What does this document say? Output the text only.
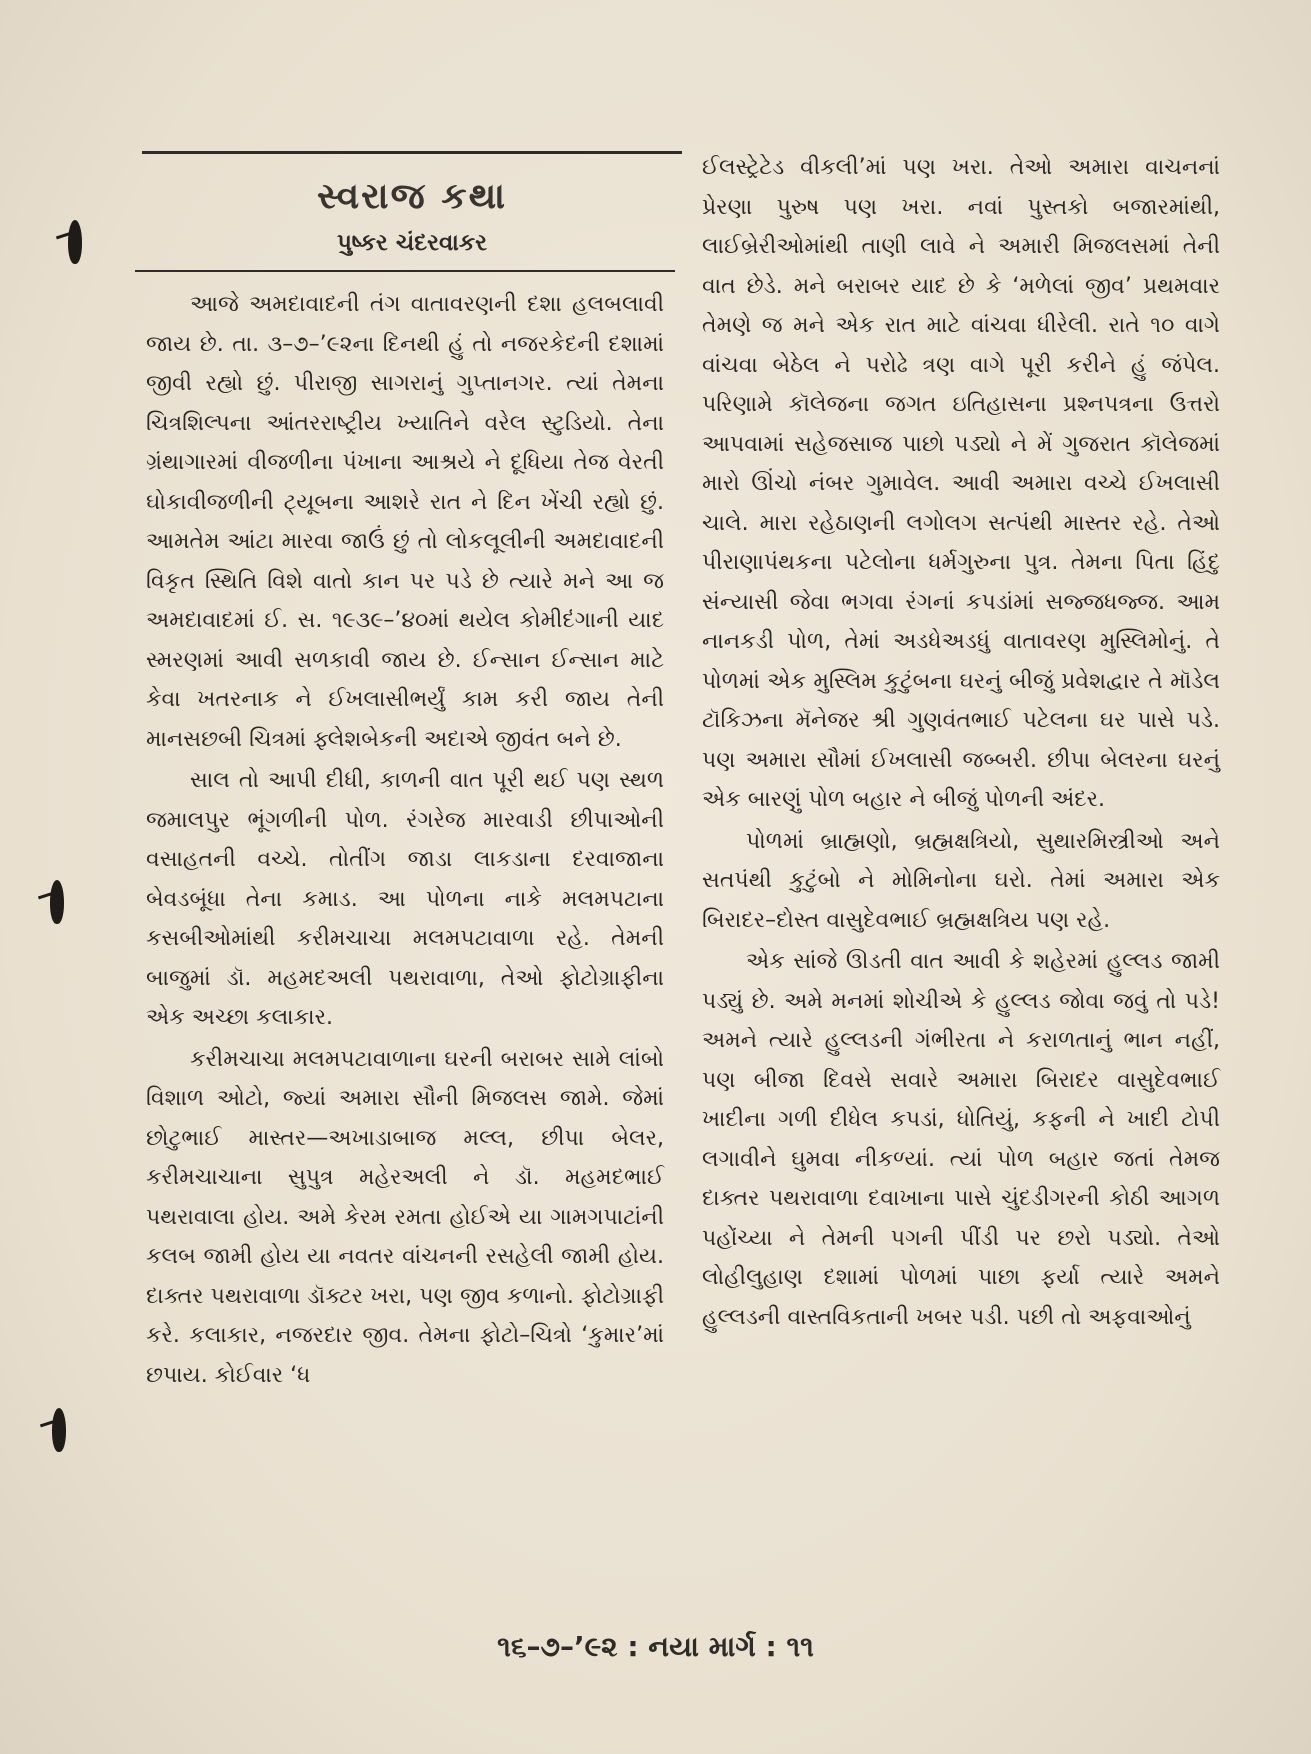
સ્વરાજ કથા
પુષ્કર ચંદરવાકર

આજે અમદાવાદની તંગ વાતાવરણની દશા હલબલાવી જાય છે. તા. ૩–૭–’૯૨ના દિનથી હું તો નજરકેદની દશામાં જીવી રહ્યો છું. પીરાજી સાગરાનું ગુપ્તાનગર. ત્યાં તેમના ચિત્રશિલ્પના આંતરરાષ્ટ્રીય ખ્યાતિને વરેલ સ્ટુડિયો. તેના ગ્રંથાગારમાં વીજળીના પંખાના આશ્રયે ને દૂધિયા તેજ વેરતી ઘોકાવીજળીની ટ્યૂબના આશરે રાત ને દિન ખેંચી રહ્યો છું. આમતેમ આંટા મારવા જાઉં છું તો લોકલૂલીની અમદાવાદની વિકૃત સ્થિતિ વિશે વાતો કાન પર પડે છે ત્યારે મને આ જ અમદાવાદમાં ઈ. સ. ૧૯૩૯–’૪૦માં થયેલ કોમીદંગાની યાદ સ્મરણમાં આવી સળકાવી જાય છે. ઈન્સાન ઈન્સાન માટે કેવા ખતરનાક ને ઈખલાસીભર્યું કામ કરી જાય તેની માનસછબી ચિત્રમાં ફ્લેશબેકની અદાએ જીવંત બને છે.

સાલ તો આપી દીધી, કાળની વાત પૂરી થઈ પણ સ્થળ જમાલપુર ભૂંગળીની પોળ. રંગરેજ મારવાડી છીપાઓની વસાહતની વચ્ચે. તોતીંગ જાડા લાકડાના દરવાજાના બેવડબૂંધા તેના કમાડ. આ પોળના નાકે મલમપટાના કસબીઓમાંથી કરીમચાચા મલમપટાવાળા રહે. તેમની બાજુમાં ડૉ. મહમદઅલી પથરાવાળા, તેઓ ફોટોગ્રાફીના એક અચ્છા કલાકાર.

કરીમચાચા મલમપટાવાળાના ઘરની બરાબર સામે લાંબો વિશાળ ઓટો, જ્યાં અમારા સૌની મિજલસ જામે. જેમાં છોટુભાઈ માસ્તર—અખાડાબાજ મલ્લ, છીપા બેલર, કરીમચાચાના સુપુત્ર મહેરઅલી ને ડૉ. મહમદભાઈ પથરાવાલા હોય. અમે કેરમ રમતા હોઈએ યા ગામગપાટાંની કલબ જામી હોય યા નવતર વાંચનની રસહેલી જામી હોય. દાક્તર પથરાવાળા ડૉક્ટર ખરા, પણ જીવ કળાનો. ફોટોગ્રાફી કરે. કલાકાર, નજરદાર જીવ. તેમના ફોટો–ચિત્રો ‘કુમાર’માં છપાય. કોઈવાર ‘ધ

ઈલસ્ટ્રેટેડ વીકલી’માં પણ ખરા. તેઓ અમારા વાચનનાં પ્રેરણા પુરુષ પણ ખરા. નવાં પુસ્તકો બજારમાંથી, લાઈબ્રેરીઓમાંથી તાણી લાવે ને અમારી મિજલસમાં તેની વાત છેડે. મને બરાબર યાદ છે કે ‘મળેલાં જીવ’ પ્રથમવાર તેમણે જ મને એક રાત માટે વાંચવા ધીરેલી. રાતે ૧૦ વાગે વાંચવા બેઠેલ ને પરોઢે ત્રણ વાગે પૂરી કરીને હું જંપેલ. પરિણામે કૉલેજના જગત ઇતિહાસના પ્રશ્નપત્રના ઉત્તરો આપવામાં સહેજસાજ પાછો પડ્યો ને મેં ગુજરાત કૉલેજમાં મારો ઊંચો નંબર ગુમાવેલ. આવી અમારા વચ્ચે ઈખલાસી ચાલે. મારા રહેઠાણની લગોલગ સત્પંથી માસ્તર રહે. તેઓ પીરાણાપંથકના પટેલોના ધર્મગુરુના પુત્ર. તેમના પિતા હિંદુ સંન્યાસી જેવા ભગવા રંગનાં કપડાંમાં સજ્જધજ્જ. આમ નાનકડી પોળ, તેમાં અડધેઅડધું વાતાવરણ મુસ્લિમોનું. તે પોળમાં એક મુસ્લિમ કુટુંબના ઘરનું બીજું પ્રવેશદ્વાર તે મૉડેલ ટૉકિઝના મૅનેજર શ્રી ગુણવંતભાઈ પટેલના ઘર પાસે પડે. પણ અમારા સૌમાં ઈખલાસી જબ્બરી. છીપા બેલરના ઘરનું એક બારણું પોળ બહાર ને બીજું પોળની અંદર.

પોળમાં બ્રાહ્મણો, બ્રહ્મક્ષત્રિયો, સુથારમિસ્ત્રીઓ અને સતપંથી કુટુંબો ને મોમિનોના ઘરો. તેમાં અમારા એક બિરાદર–દોસ્ત વાસુદેવભાઈ બ્રહ્મક્ષત્રિય પણ રહે.

એક સાંજે ઊડતી વાત આવી કે શહેરમાં હુલ્લડ જામી પડ્યું છે. અમે મનમાં શોચીએ કે હુલ્લડ જોવા જવું તો પડે! અમને ત્યારે હુલ્લડની ગંભીરતા ને કરાળતાનું ભાન નહીં, પણ બીજા દિવસે સવારે અમારા બિરાદર વાસુદેવભાઈ ખાદીના ગળી દીધેલ કપડાં, ધોતિયું, કફની ને ખાદી ટોપી લગાવીને ઘુમવા નીકળ્યાં. ત્યાં પોળ બહાર જતાં તેમજ દાક્તર પથરાવાળા દવાખાના પાસે ચુંદડીગરની કોઠી આગળ પહોંચ્યા ને તેમની પગની પીંડી પર છરો પડ્યો. તેઓ લોહીલુહાણ દશામાં પોળમાં પાછા ફર્યા ત્યારે અમને હુલ્લડની વાસ્તવિકતાની ખબર પડી. પછી તો અફવાઓનું

૧૬–૭–’૯૨ : નયા માર્ગ : ૧૧
